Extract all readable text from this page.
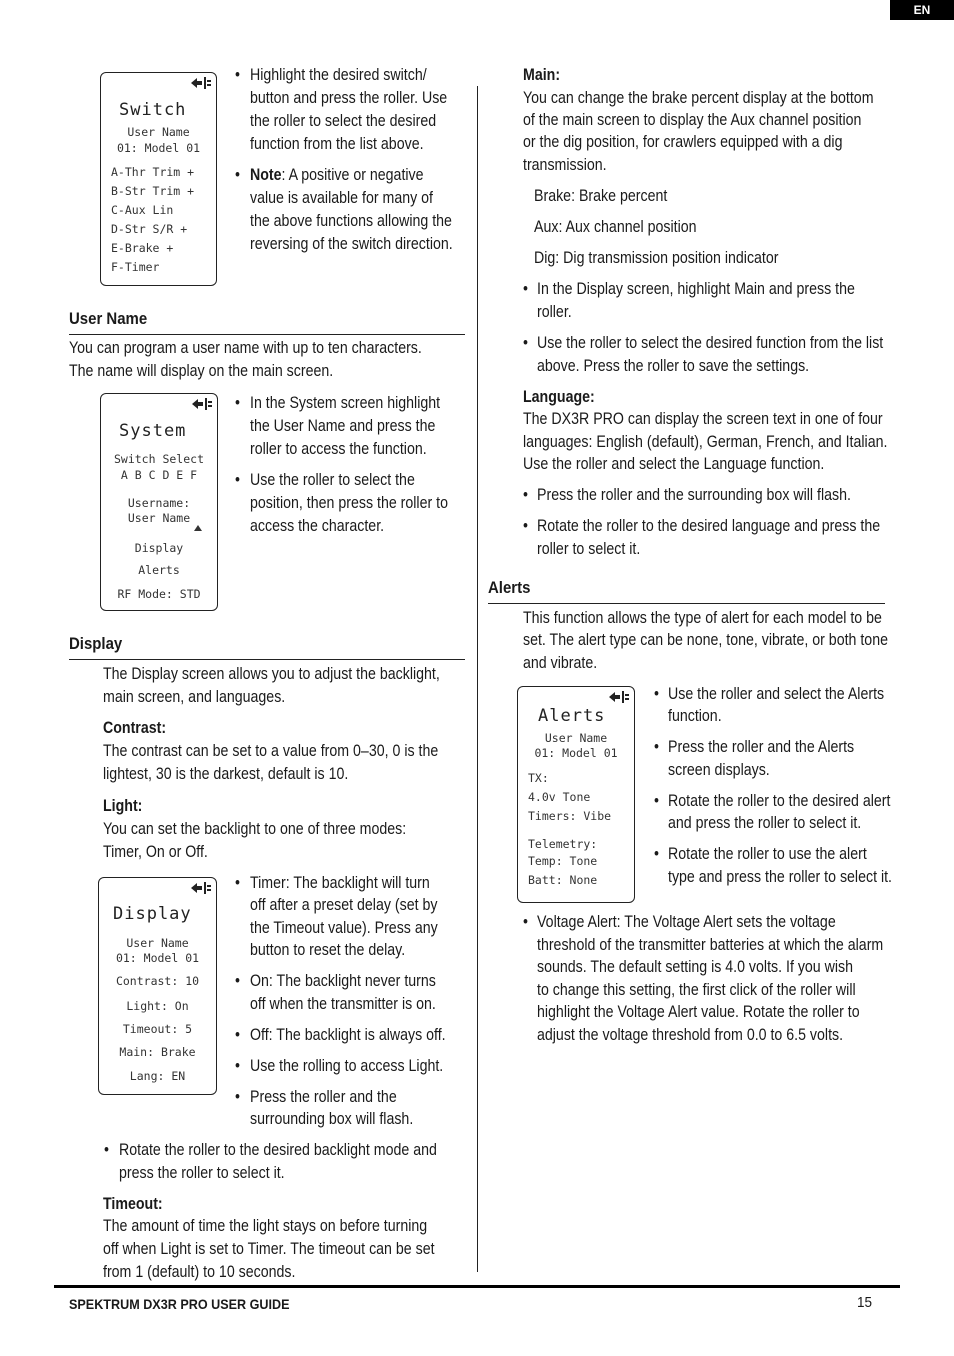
EN
Switch
User Name
01: Model 01
A-Thr Trim +
B-Str Trim +
C-Aux Lin
D-Str S/R +
E-Brake +
F-Timer
• Highlight the desired switch/
button and press the roller. Use
the roller to select the desired
function from the list above.
• Note: A positive or negative
value is available for many of
the above functions allowing the
reversing of the switch direction.
User Name
You can program a user name with up to ten characters.
The name will display on the main screen.
System
Switch Select
A B C D E F
Username:
User Name
Display
Alerts
RF Mode: STD
• In the System screen highlight
the User Name and press the
roller to access the function.
• Use the roller to select the
position, then press the roller to
access the character.
Display
The Display screen allows you to adjust the backlight,
main screen, and languages.
Contrast:
The contrast can be set to a value from 0–30, 0 is the
lightest, 30 is the darkest, default is 10.
Light:
You can set the backlight to one of three modes:
Timer, On or Off.
Display
User Name
01: Model 01
Contrast: 10
Light: On
Timeout: 5
Main: Brake
Lang: EN
• Timer: The backlight will turn
off after a preset delay (set by
the Timeout value). Press any
button to reset the delay.
• On: The backlight never turns
off when the transmitter is on.
• Off: The backlight is always off.
• Use the rolling to access Light.
• Press the roller and the
surrounding box will flash.
• Rotate the roller to the desired backlight mode and
press the roller to select it.
Timeout:
The amount of time the light stays on before turning
off when Light is set to Timer. The timeout can be set
from 1 (default) to 10 seconds.
Main:
You can change the brake percent display at the bottom
of the main screen to display the Aux channel position
or the dig position, for crawlers equipped with a dig
transmission.
Brake: Brake percent
Aux: Aux channel position
Dig: Dig transmission position indicator
• In the Display screen, highlight Main and press the
roller.
• Use the roller to select the desired function from the list
above. Press the roller to save the settings.
Language:
The DX3R PRO can display the screen text in one of four
languages: English (default), German, French, and Italian.
Use the roller and select the Language function.
• Press the roller and the surrounding box will flash.
• Rotate the roller to the desired language and press the
roller to select it.
Alerts
This function allows the type of alert for each model to be
set. The alert type can be none, tone, vibrate, or both tone
and vibrate.
Alerts
User Name
01: Model 01
TX:
4.0v Tone
Timers: Vibe
Telemetry:
Temp: Tone
Batt: None
• Use the roller and select the Alerts
function.
• Press the roller and the Alerts
screen displays.
• Rotate the roller to the desired alert
and press the roller to select it.
• Rotate the roller to use the alert
type and press the roller to select it.
• Voltage Alert: The Voltage Alert sets the voltage
threshold of the transmitter batteries at which the alarm
sounds. The default setting is 4.0 volts. If you wish
to change this setting, the first click of the roller will
highlight the Voltage Alert value. Rotate the roller to
adjust the voltage threshold from 0.0 to 6.5 volts.
SPEKTRUM DX3R PRO USER GUIDE	15
